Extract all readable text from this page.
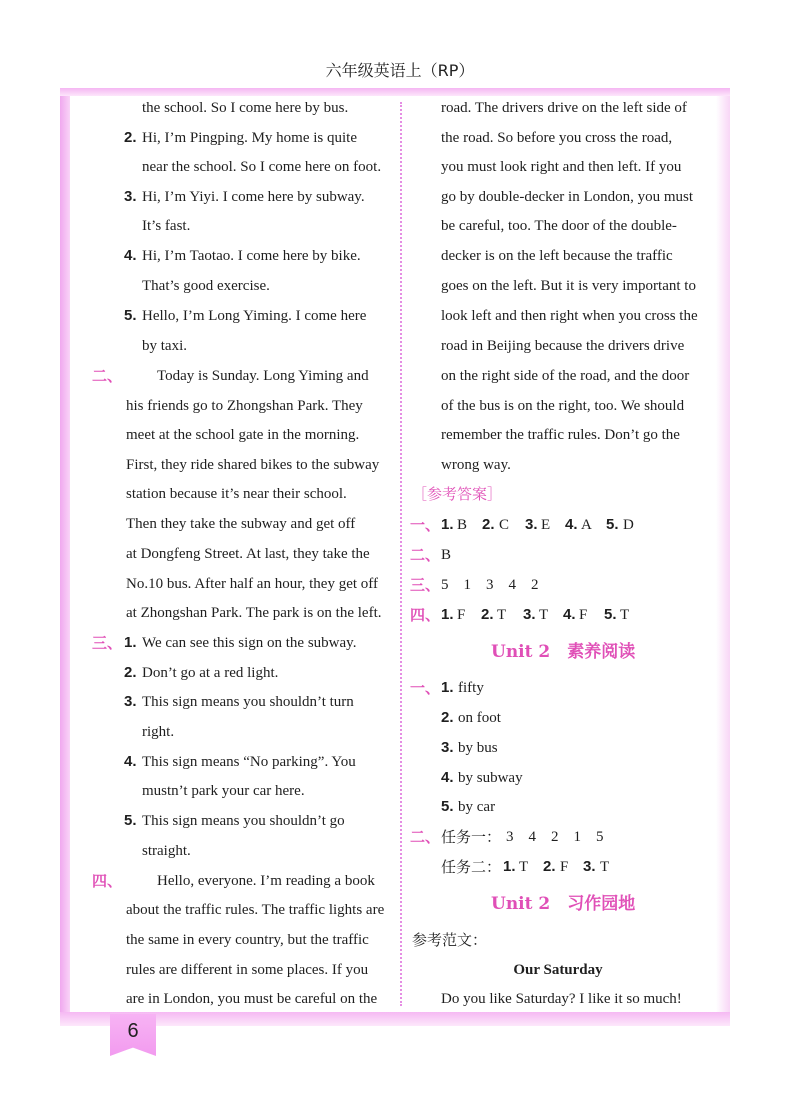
六年级英语上（RP）
the school. So I come here by bus.
2. Hi, I’m Pingping. My home is quite
near the school. So I come here on foot.
3. Hi, I’m Yiyi. I come here by subway.
It’s fast.
4. Hi, I’m Taotao. I come here by bike.
That’s good exercise.
5. Hello, I’m Long Yiming. I come here
by taxi.
二、 Today is Sunday. Long Yiming and
his friends go to Zhongshan Park. They
meet at the school gate in the morning.
First, they ride shared bikes to the subway
station because it’s near their school.
Then they take the subway and get off
at Dongfeng Street. At last, they take the
No.10 bus. After half an hour, they get off
at Zhongshan Park. The park is on the left.
三、 1. We can see this sign on the subway.
2. Don’t go at a red light.
3. This sign means you shouldn’t turn
right.
4. This sign means “No parking”. You
mustn’t park your car here.
5. This sign means you shouldn’t go
straight.
四、 Hello, everyone. I’m reading a book
about the traffic rules. The traffic lights are
the same in every country, but the traffic
rules are different in some places. If you
are in London, you must be careful on the
road. The drivers drive on the left side of
the road. So before you cross the road,
you must look right and then left. If you
go by double-decker in London, you must
be careful, too. The door of the double-
decker is on the left because the traffic
goes on the left. But it is very important to
look left and then right when you cross the
road in Beijing because the drivers drive
on the right side of the road, and the door
of the bus is on the right, too. We should
remember the traffic rules. Don’t go the
wrong way.
［参考答案］
一、 1. B 2. C 3. E 4. A 5. D
二、 B
三、 5　1　3　4　2
四、 1. F 2. T 3. T 4. F 5. T
Unit 2　素养阅读
一、 1. fifty
2. on foot
3. by bus
4. by subway
5. by car
二、 任务一： 3　4　2　1　5
任务二： 1. T 2. F 3. T
Unit 2　习作园地
参考范文：
Our Saturday
Do you like Saturday? I like it so much!
6
